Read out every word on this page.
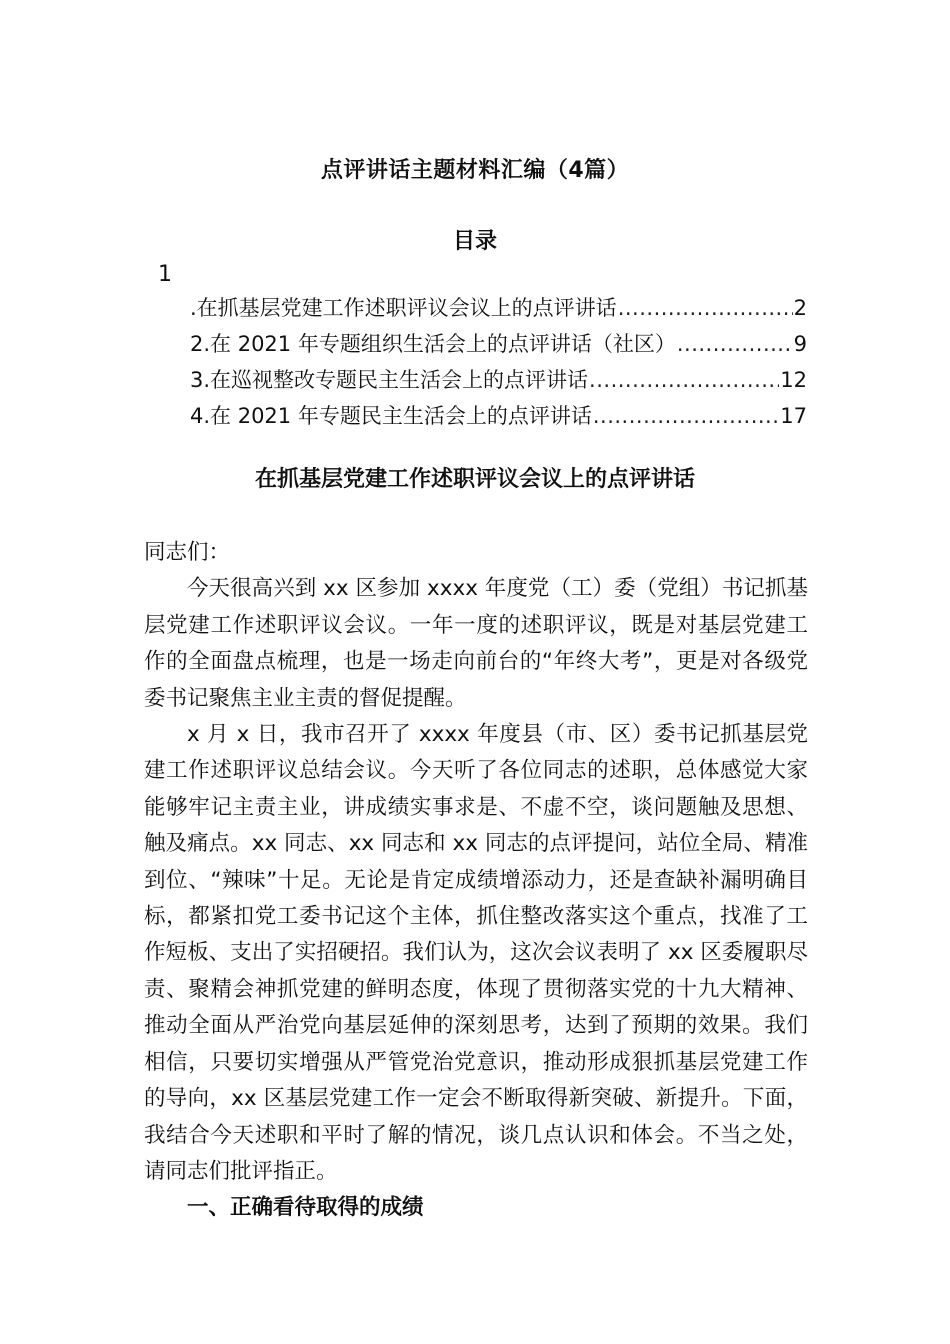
点评讲话主题材料汇编（4篇）
目录
1
.在抓基层党建工作述职评议会议上的点评讲话 .....	2
2.在 2021 年专题组织生活会上的点评讲话（社区） .....	9
3.在巡视整改专题民主生活会上的点评讲话 .....	12
4.在 2021 年专题民主生活会上的点评讲话 .....	17
在抓基层党建工作述职评议会议上的点评讲话

同志们：

今天很高兴到 xx 区参加 xxxx 年度党（工）委（党组）书记抓基层党建工作述职评议会议。一年一度的述职评议，既是对基层党建工作的全面盘点梳理，也是一场走向前台的“年终大考”，更是对各级党委书记聚焦主业主责的督促提醒。

x 月 x 日，我市召开了 xxxx 年度县（市、区）委书记抓基层党建工作述职评议总结会议。今天听了各位同志的述职，总体感觉大家能够牢记主责主业，讲成绩实事求是、不虚不空，谈问题触及思想、触及痛点。xx 同志、xx 同志和 xx 同志的点评提问，站位全局、精准到位、“辣味”十足。无论是肯定成绩增添动力，还是查缺补漏明确目标，都紧扣党工委书记这个主体，抓住整改落实这个重点，找准了工作短板、支出了实招硬招。我们认为，这次会议表明了 xx 区委履职尽责、聚精会神抓党建的鲜明态度，体现了贯彻落实党的十九大精神、推动全面从严治党向基层延伸的深刻思考，达到了预期的效果。我们相信，只要切实增强从严管党治党意识，推动形成狠抓基层党建工作的导向，xx 区基层党建工作一定会不断取得新突破、新提升。下面，我结合今天述职和平时了解的情况，谈几点认识和体会。不当之处，请同志们批评指正。

一、正确看待取得的成绩
